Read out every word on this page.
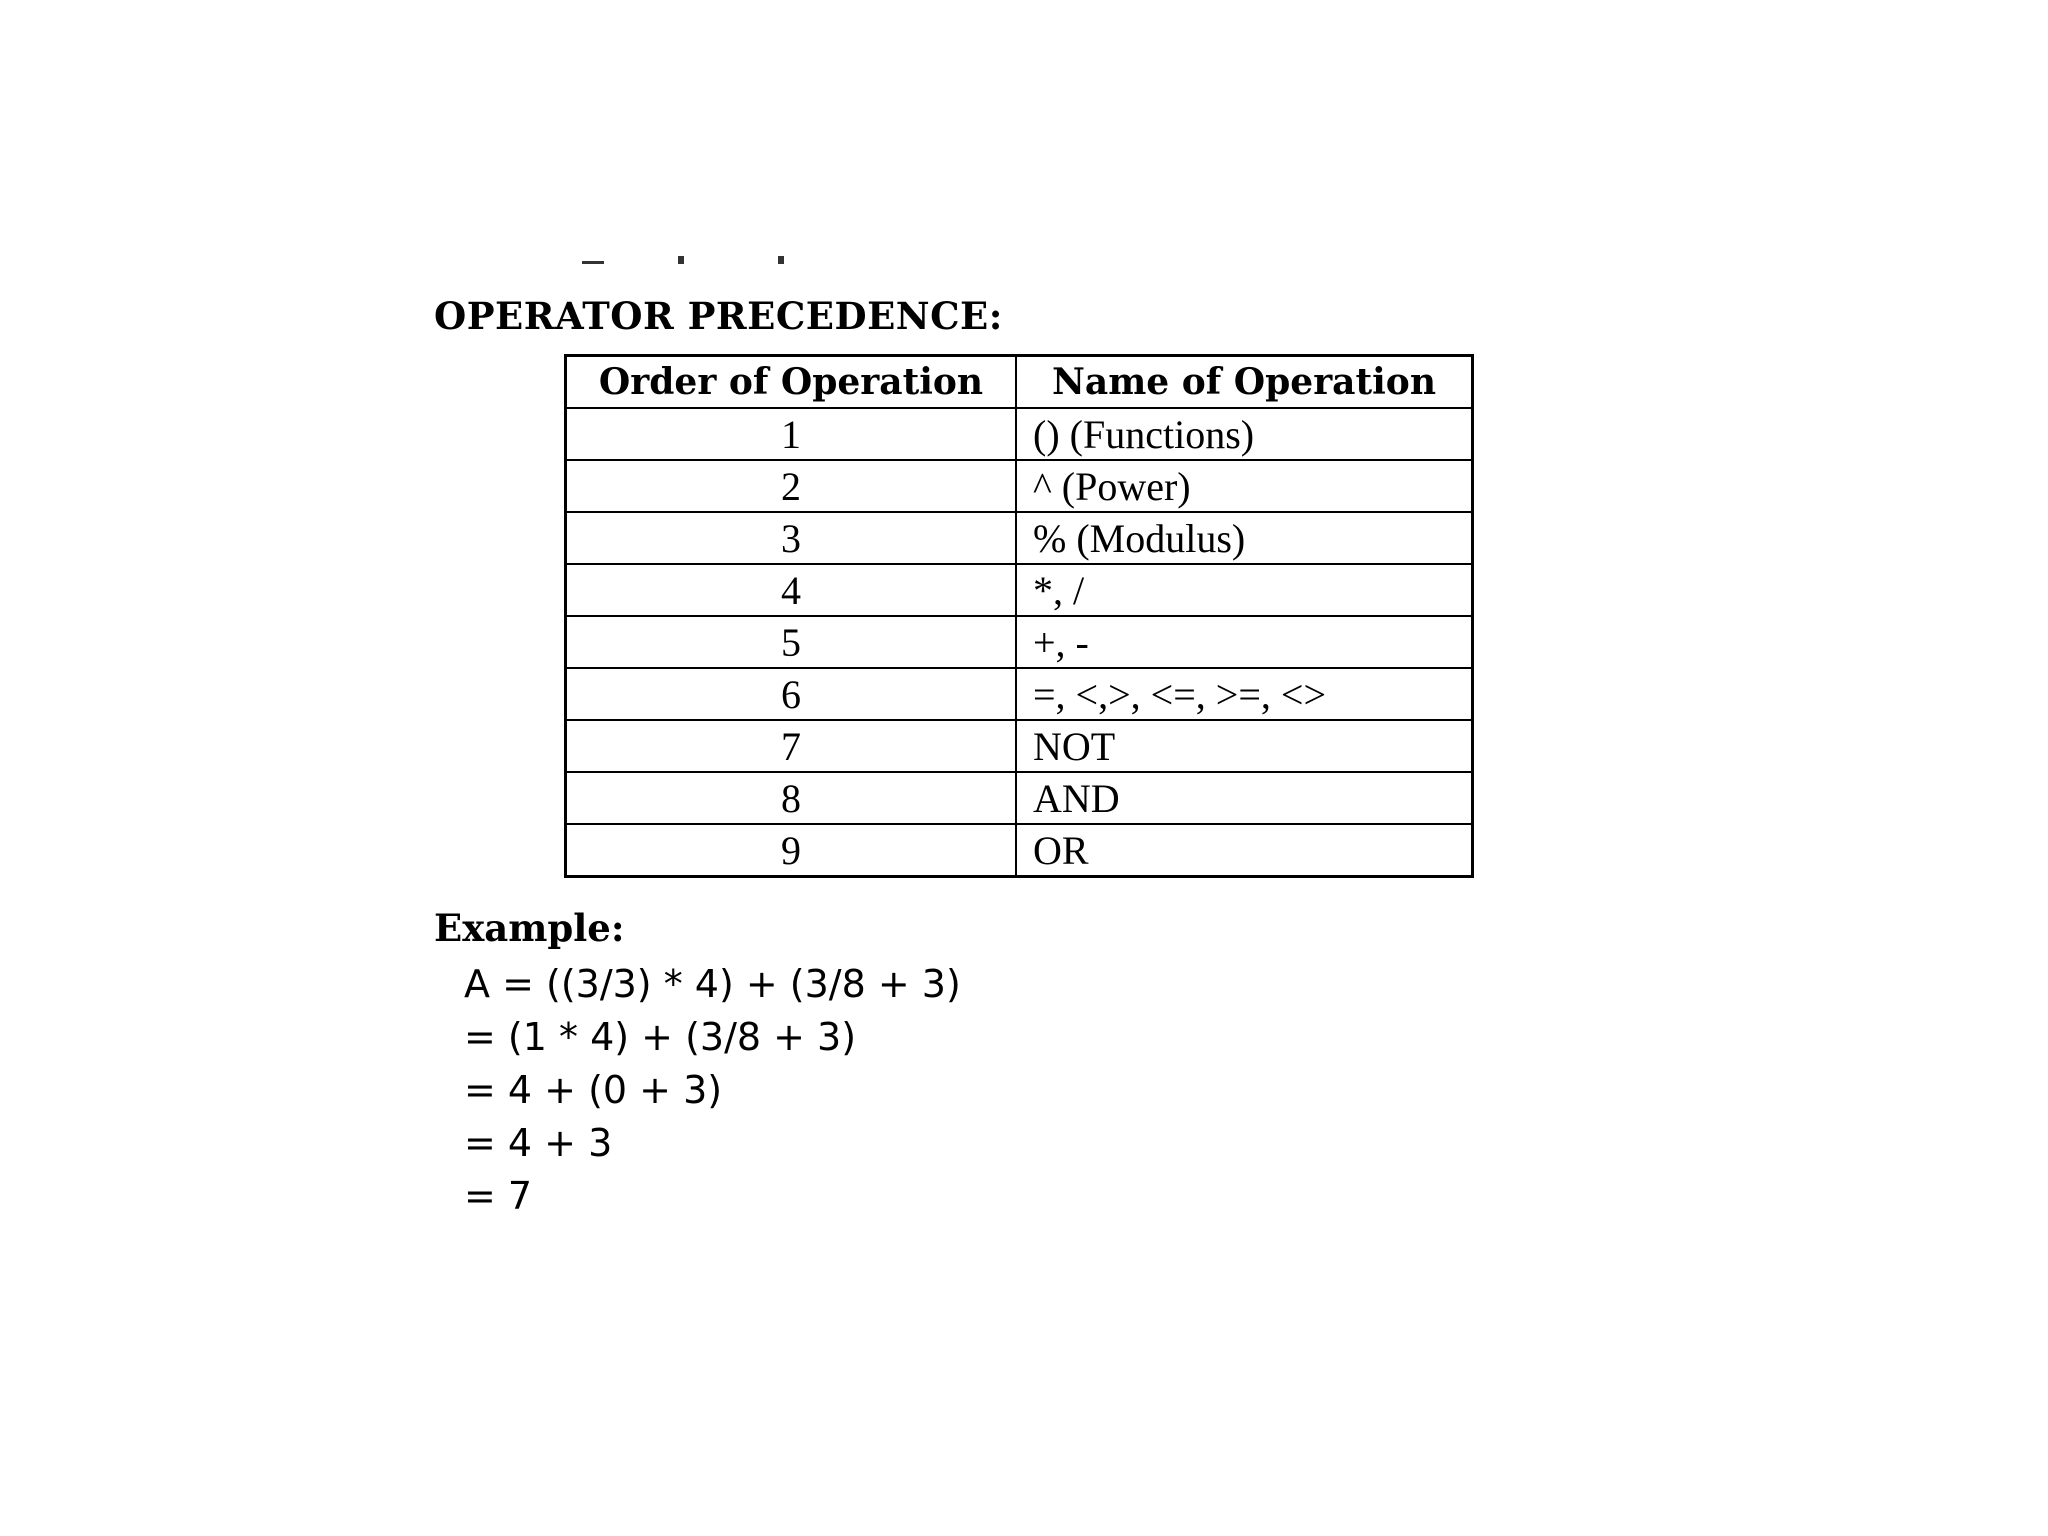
OPERATOR PRECEDENCE:
Order of Operation	Name of Operation
1	() (Functions)
2	^ (Power)
3	% (Modulus)
4	*, /
5	+, -
6	=, <,>, <=, >=, <>
7	NOT
8	AND
9	OR
Example:
A = ((3/3) * 4) + (3/8 + 3)
= (1 * 4) + (3/8 + 3)
= 4 + (0 + 3)
= 4 + 3
= 7
